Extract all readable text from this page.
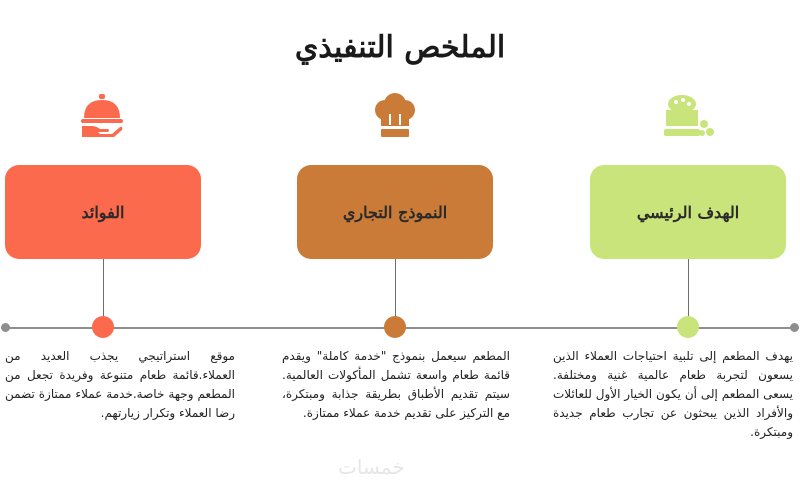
الملخص التنفيذي
الفوائد	النموذج التجاري	الهدف الرئيسي
موقع استراتيجي يجذب العديد من العملاء.قائمة طعام متنوعة وفريدة تجعل من المطعم وجهة خاصة.خدمة عملاء ممتازة تضمن رضا العملاء وتكرار زيارتهم.
المطعم سيعمل بنموذج "خدمة كاملة" ويقدم قائمة طعام واسعة تشمل المأكولات العالمية. سيتم تقديم الأطباق بطريقة جذابة ومبتكرة، مع التركيز على تقديم خدمة عملاء ممتازة.
يهدف المطعم إلى تلبية احتياجات العملاء الذين يسعون لتجربة طعام عالمية غنية ومختلفة. يسعى المطعم إلى أن يكون الخيار الأول للعائلات والأفراد الذين يبحثون عن تجارب طعام جديدة ومبتكرة.
خمسات
